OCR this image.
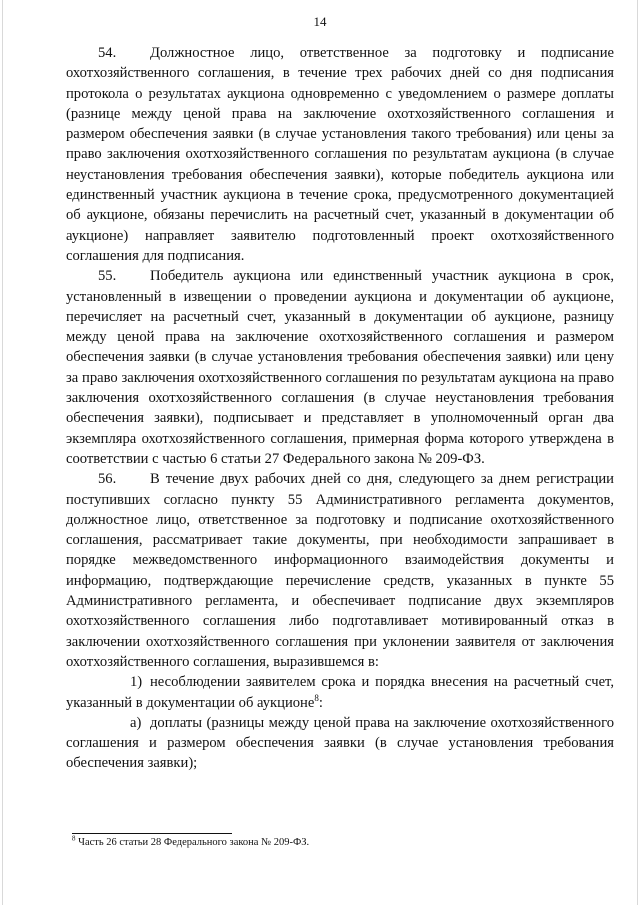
14

54. Должностное лицо, ответственное за подготовку и подписание охотхозяйственного соглашения, в течение трех рабочих дней со дня подписания протокола о результатах аукциона одновременно с уведомлением о размере доплаты (разнице между ценой права на заключение охотхозяйственного соглашения и размером обеспечения заявки (в случае установления такого требования) или цены за право заключения охотхозяйственного соглашения по результатам аукциона (в случае неустановления требования обеспечения заявки), которые победитель аукциона или единственный участник аукциона в течение срока, предусмотренного документацией об аукционе, обязаны перечислить на расчетный счет, указанный в документации об аукционе) направляет заявителю подготовленный проект охотхозяйственного соглашения для подписания.

55. Победитель аукциона или единственный участник аукциона в срок, установленный в извещении о проведении аукциона и документации об аукционе, перечисляет на расчетный счет, указанный в документации об аукционе, разницу между ценой права на заключение охотхозяйственного соглашения и размером обеспечения заявки (в случае установления требования обеспечения заявки) или цену за право заключения охотхозяйственного соглашения по результатам аукциона на право заключения охотхозяйственного соглашения (в случае неустановления требования обеспечения заявки), подписывает и представляет в уполномоченный орган два экземпляра охотхозяйственного соглашения, примерная форма которого утверждена в соответствии с частью 6 статьи 27 Федерального закона № 209-ФЗ.

56. В течение двух рабочих дней со дня, следующего за днем регистрации поступивших согласно пункту 55 Административного регламента документов, должностное лицо, ответственное за подготовку и подписание охотхозяйственного соглашения, рассматривает такие документы, при необходимости запрашивает в порядке межведомственного информационного взаимодействия документы и информацию, подтверждающие перечисление средств, указанных в пункте 55 Административного регламента, и обеспечивает подписание двух экземпляров охотхозяйственного соглашения либо подготавливает мотивированный отказ в заключении охотхозяйственного соглашения при уклонении заявителя от заключения охотхозяйственного соглашения, выразившемся в:

1) несоблюдении заявителем срока и порядка внесения на расчетный счет, указанный в документации об аукционе$^8$:

а) доплаты (разницы между ценой права на заключение охотхозяйственного соглашения и размером обеспечения заявки (в случае установления требования обеспечения заявки);

$^8$ Часть 26 статьи 28 Федерального закона № 209-ФЗ.
